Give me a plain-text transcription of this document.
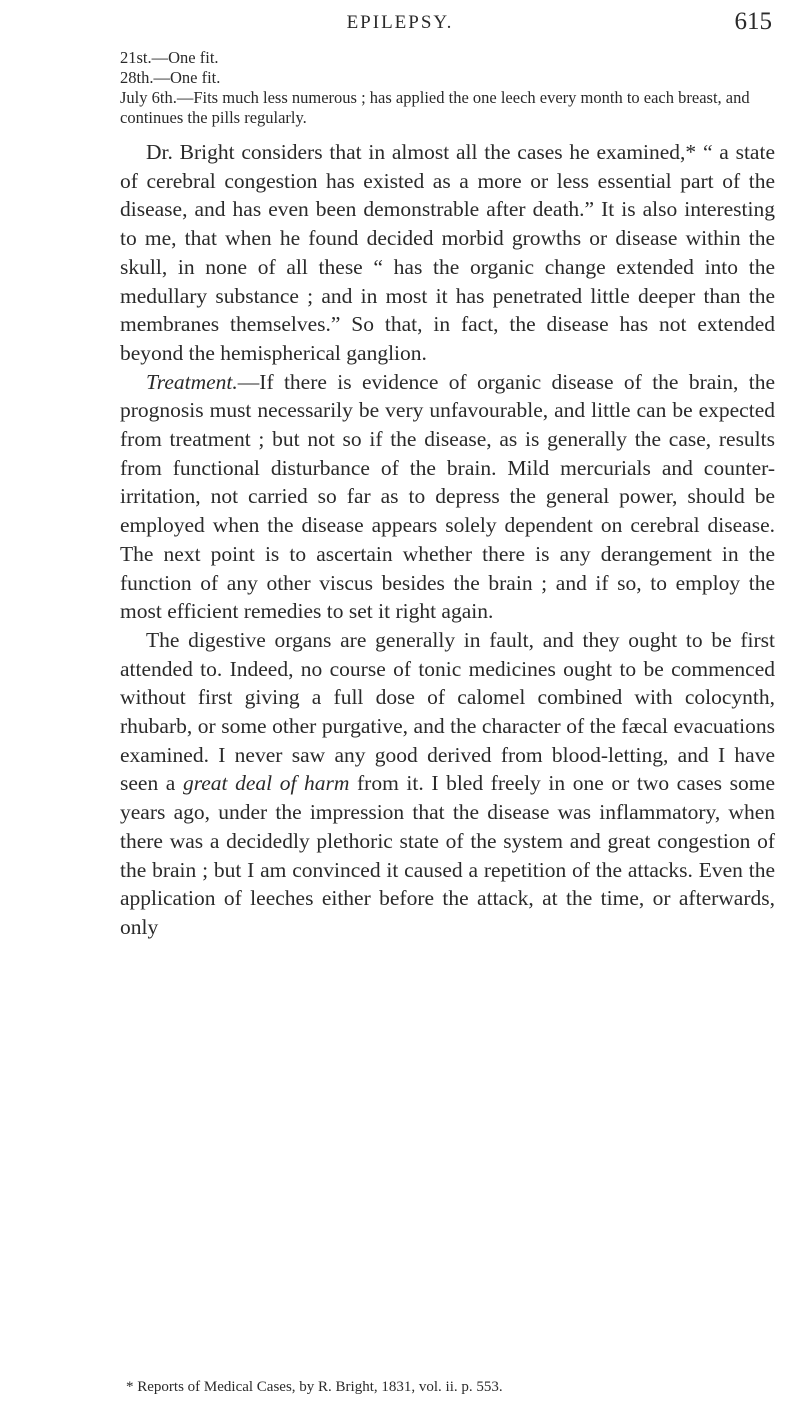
EPILEPSY.	615

21st.—One fit.

28th.—One fit.

July 6th.—Fits much less numerous ; has applied the one leech every month to each breast, and continues the pills regularly.

Dr. Bright considers that in almost all the cases he examined,* “ a state of cerebral congestion has existed as a more or less essential part of the disease, and has even been demonstrable after death.” It is also interesting to me, that when he found decided morbid growths or disease within the skull, in none of all these “ has the organic change extended into the medullary substance ; and in most it has penetrated little deeper than the membranes themselves.” So that, in fact, the disease has not extended beyond the hemispherical ganglion.

Treatment.—If there is evidence of organic disease of the brain, the prognosis must necessarily be very unfavourable, and little can be expected from treatment ; but not so if the disease, as is generally the case, results from functional disturbance of the brain. Mild mercurials and counter-irritation, not carried so far as to depress the general power, should be employed when the disease appears solely dependent on cerebral disease. The next point is to ascertain whether there is any derangement in the function of any other viscus besides the brain ; and if so, to employ the most efficient remedies to set it right again.

The digestive organs are generally in fault, and they ought to be first attended to. Indeed, no course of tonic medicines ought to be commenced without first giving a full dose of calomel combined with colocynth, rhubarb, or some other purgative, and the character of the fæcal evacuations examined. I never saw any good derived from blood-letting, and I have seen a great deal of harm from it. I bled freely in one or two cases some years ago, under the impression that the disease was inflammatory, when there was a decidedly plethoric state of the system and great congestion of the brain ; but I am convinced it caused a repetition of the attacks. Even the application of leeches either before the attack, at the time, or afterwards, only

* Reports of Medical Cases, by R. Bright, 1831, vol. ii. p. 553.
